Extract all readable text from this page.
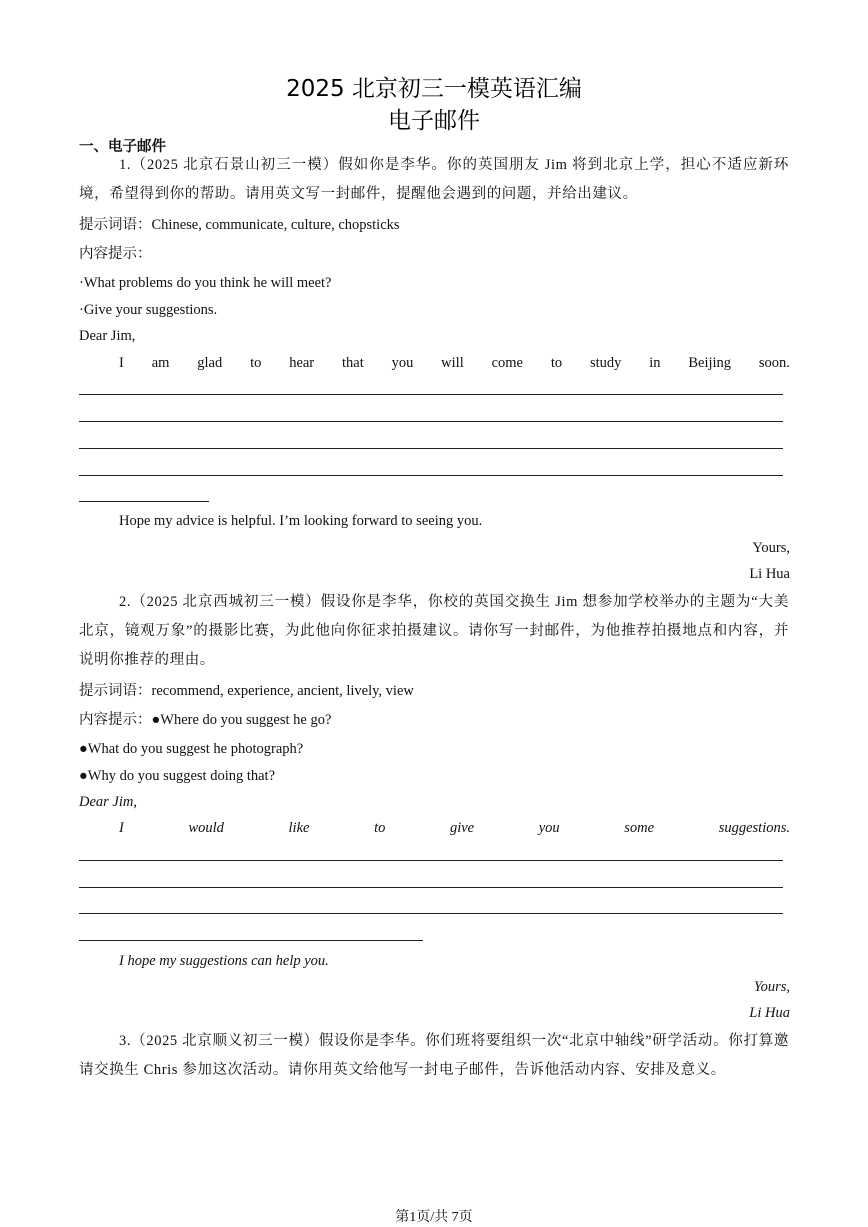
2025 北京初三一模英语汇编
电子邮件
一、电子邮件
1.（2025 北京石景山初三一模）假如你是李华。你的英国朋友 Jim 将到北京上学，担心不适应新环境，希望得到你的帮助。请用英文写一封邮件，提醒他会遇到的问题，并给出建议。
提示词语：Chinese, communicate, culture, chopsticks
内容提示：
·What problems do you think he will meet?
·Give your suggestions.
Dear Jim,
I am glad to hear that you will come to study in Beijing soon.
Hope my advice is helpful. I’m looking forward to seeing you.
Yours,
Li Hua
2.（2025 北京西城初三一模）假设你是李华，你校的英国交换生 Jim 想参加学校举办的主题为“大美北京，镜观万象”的摄影比赛，为此他向你征求拍摄建议。请你写一封邮件，为他推荐拍摄地点和内容，并说明你推荐的理由。
提示词语：recommend, experience, ancient, lively, view
内容提示：●Where do you suggest he go?
●What do you suggest he photograph?
●Why do you suggest doing that?
Dear Jim,
I	would	like	to	give	you	some	suggestions.
I hope my suggestions can help you.
Yours,
Li Hua
3.（2025 北京顺义初三一模）假设你是李华。你们班将要组织一次“北京中轴线”研学活动。你打算邀请交换生 Chris 参加这次活动。请你用英文给他写一封电子邮件，告诉他活动内容、安排及意义。
第1页/共 7页
